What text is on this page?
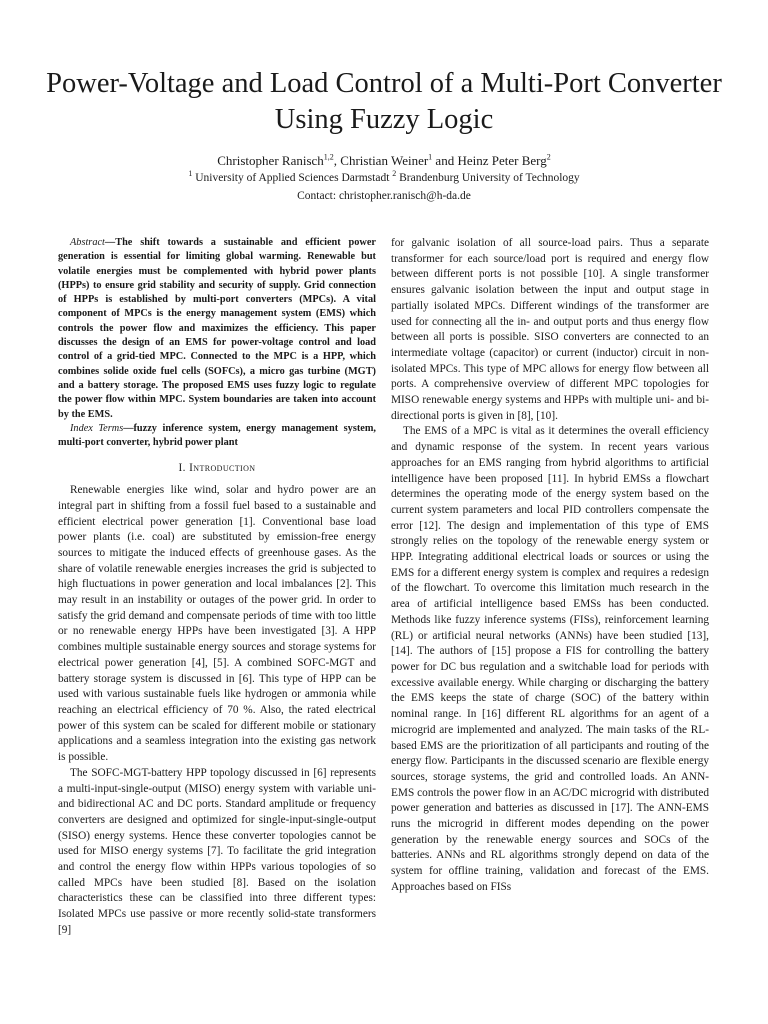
Power-Voltage and Load Control of a Multi-Port Converter Using Fuzzy Logic
Christopher Ranisch$^{1,2}$, Christian Weiner$^1$ and Heinz Peter Berg$^2$
$^1$ University of Applied Sciences Darmstadt $^2$ Brandenburg University of Technology
Contact: christopher.ranisch@h-da.de

Abstract—The shift towards a sustainable and efficient power generation is essential for limiting global warming. Renewable but volatile energies must be complemented with hybrid power plants (HPPs) to ensure grid stability and security of supply. Grid connection of HPPs is established by multi-port converters (MPCs). A vital component of MPCs is the energy management system (EMS) which controls the power flow and maximizes the efficiency. This paper discusses the design of an EMS for power-voltage control and load control of a grid-tied MPC. Connected to the MPC is a HPP, which combines solide oxide fuel cells (SOFCs), a micro gas turbine (MGT) and a battery storage. The proposed EMS uses fuzzy logic to regulate the power flow within MPC. System boundaries are taken into account by the EMS.

Index Terms—fuzzy inference system, energy management system, multi-port converter, hybrid power plant

I. Introduction

Renewable energies like wind, solar and hydro power are an integral part in shifting from a fossil fuel based to a sustainable and efficient electrical power generation [1]. Conventional base load power plants (i.e. coal) are substituted by emission-free energy sources to mitigate the induced effects of greenhouse gases. As the share of volatile renewable energies increases the grid is subjected to high fluctuations in power generation and local imbalances [2]. This may result in an instability or outages of the power grid. In order to satisfy the grid demand and compensate periods of time with too little or no renewable energy HPPs have been investigated [3]. A HPP combines multiple sustainable energy sources and storage systems for electrical power generation [4], [5]. A combined SOFC-MGT and battery storage system is discussed in [6]. This type of HPP can be used with various sustainable fuels like hydrogen or ammonia while reaching an electrical efficiency of 70 %. Also, the rated electrical power of this system can be scaled for different mobile or stationary applications and a seamless integration into the existing gas network is possible.

The SOFC-MGT-battery HPP topology discussed in [6] represents a multi-input-single-output (MISO) energy system with variable uni- and bidirectional AC and DC ports. Standard amplitude or frequency converters are designed and optimized for single-input-single-output (SISO) energy systems. Hence these converter topologies cannot be used for MISO energy systems [7]. To facilitate the grid integration and control the energy flow within HPPs various topologies of so called MPCs have been studied [8]. Based on the isolation characteristics these can be classified into three different types: Isolated MPCs use passive or more recently solid-state transformers [9]

for galvanic isolation of all source-load pairs. Thus a separate transformer for each source/load port is required and energy flow between different ports is not possible [10]. A single transformer ensures galvanic isolation between the input and output stage in partially isolated MPCs. Different windings of the transformer are used for connecting all the in- and output ports and thus energy flow between all ports is possible. SISO converters are connected to an intermediate voltage (capacitor) or current (inductor) circuit in non-isolated MPCs. This type of MPC allows for energy flow between all ports. A comprehensive overview of different MPC topologies for MISO renewable energy systems and HPPs with multiple uni- and bi-directional ports is given in [8], [10].

The EMS of a MPC is vital as it determines the overall efficiency and dynamic response of the system. In recent years various approaches for an EMS ranging from hybrid algorithms to artificial intelligence have been proposed [11]. In hybrid EMSs a flowchart determines the operating mode of the energy system based on the current system parameters and local PID controllers compensate the error [12]. The design and implementation of this type of EMS strongly relies on the topology of the renewable energy system or HPP. Integrating additional electrical loads or sources or using the EMS for a different energy system is complex and requires a redesign of the flowchart. To overcome this limitation much research in the area of artificial intelligence based EMSs has been conducted. Methods like fuzzy inference systems (FISs), reinforcement learning (RL) or artificial neural networks (ANNs) have been studied [13], [14]. The authors of [15] propose a FIS for controlling the battery power for DC bus regulation and a switchable load for periods with excessive available energy. While charging or discharging the battery the EMS keeps the state of charge (SOC) of the battery within nominal range. In [16] different RL algorithms for an agent of a microgrid are implemented and analyzed. The main tasks of the RL-based EMS are the prioritization of all participants and routing of the energy flow. Participants in the discussed scenario are flexible energy sources, storage systems, the grid and controlled loads. An ANN-EMS controls the power flow in an AC/DC microgrid with distributed power generation and batteries as discussed in [17]. The ANN-EMS runs the microgrid in different modes depending on the power generation by the renewable energy sources and SOCs of the batteries. ANNs and RL algorithms strongly depend on data of the system for offline training, validation and forecast of the EMS. Approaches based on FISs
